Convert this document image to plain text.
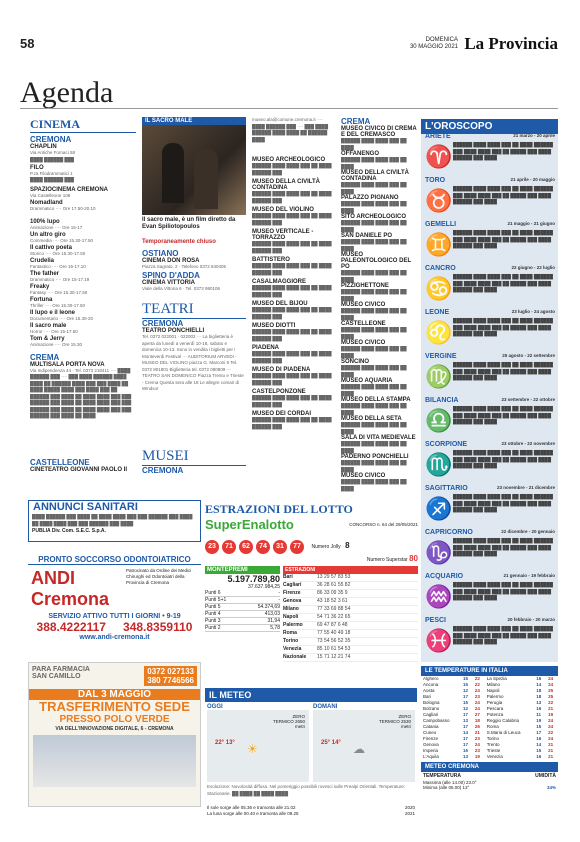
58	DOMENICA
30 MAGGIO 2021 La Provincia
Agenda
CINEMA
CREMONA
CHAPLIN
Via Antiche Fornaci 58
████ ██████ ███
FILO
P.za Filodrammatici 1
████ ██████ ███
SPAZIOCINEMA CREMONA
Via Castelleone 108
Nomadland
Drammatico ···· Ore 17.50-20.10
100% lupo
Animazione ···· Ore 15-17
Un altro giro
Commedia ···· Ore 15.30-17.50
Il cattivo poeta
Storico ···· Ore 15.30-17.50
Crudelia
Fantastico ···· Ore 15-17.10
The father
Drammatico ···· Ore 15-17.19
Freaky
Fantasy ···· Ore 15.30-17.50
Fortuna
Thriller ···· Ore 15.30-17.50
Il lupo e il leone
Documentario ···· Ore 15.30-20
Il sacro male
Horror ···· Ore 15-17.50
Tom & Jerry
Animazione ···· Ore 15.30
CREMA
MULTISALA PORTA NOVA
Via Indipendenza 44 · Tel. 0373 218411 ···· ████ ██████ ███ ···· ███ ████ ██████ ████ ████ ██ ██████ ████ ███ ███ ████ ██ ████ █████ ████ ███ ████ ███ ██ ██████ ███ ████ ██ ████ ████ ███ ███ ██████ ███ ████ ██ ████ ████ ███ ███ ██████ ███ ████ ██ ████ ████ ███ ███ ██████ ███ ████ ██ ████
CASTELLEONE
CINETEATRO GIOVANNI PAOLO II
IL SACRO MALE
Il sacro male, è un film diretto da Evan Spiliotopoulos
Temporaneamente chiuso
OSTIANO
CINEMA DON ROSA
Piazza Sagrato, 2 · Telefono 0372 840405
SPINO D'ADDA
CINEMA VITTORIA
Viale della Vittoria 6 · Tel. 0373 980106
TEATRI
CREMONA
TEATRO PONCHIELLI
Tel. 0372 022001 · 022002 ··· La biglietteria è aperta da lunedì a venerdì 10-18, sabato e domenica 10-13. Sono in vendita i biglietti per i Monteverdi Festival ··· AUDITORIUM ARVEDI - MUSEO DEL VIOLINO piazza G. Marconi 5 Tel. 0372 801801 Biglietteria tel. 0372 080809 ··· TEATRO SAN DOMENICO Piazza Trento e Trieste - Crema Questa sera alle 18 Le allegre comari di Windsor
MUSEI
CREMONA
museo.ala@comune.cremona.it ···· ████ ██████ ███ ···· ███ ████ ██████ ████ ████ ██ ██████ ████
MUSEO ARCHEOLOGICO
██████ ████ ████ ███ ██ ████ ██████ ███
MUSEO DELLA CIVILTÀ CONTADINA
██████ ████ ████ ███ ██ ████ ██████ ███
MUSEO DEL VIOLINO
██████ ████ ████ ███ ██ ████ ██████ ███
MUSEO VERTICALE - TORRAZZO
██████ ████ ████ ███ ██ ████ ██████ ███
BATTISTERO
██████ ████ ████ ███ ██ ████ ██████ ███
CASALMAGGIORE
██████ ████ ████ ███ ██ ████ ██████ ███
MUSEO DEL BIJOU
██████ ████ ████ ███ ██ ████ ██████ ███
MUSEO DIOTTI
██████ ████ ████ ███ ██ ████ ██████ ███
PIADENA
██████ ████ ████ ███ ██ ████ ██████ ███
MUSEO DI PIADENA
██████ ████ ████ ███ ██ ████ ██████ ███
CASTELPONZONE
██████ ████ ████ ███ ██ ████ ██████ ███
MUSEO DEI CORDAI
██████ ████ ████ ███ ██ ████ ██████ ███
CREMA
MUSEO CIVICO DI CREMA E DEL CREMASCO
██████ ████ ████ ███ ██ ████
OFFANENGO
██████ ████ ████ ███ ██ ████
MUSEO DELLA CIVILTÀ CONTADINA
██████ ████ ████ ███ ██ ████
PALAZZO PIGNANO
██████ ████ ████ ███ ██ ████
SITO ARCHEOLOGICO
██████ ████ ████ ███ ██ ████
SAN DANIELE PO
██████ ████ ████ ███ ██ ████
MUSEO PALEONTOLOGICO DEL PO
██████ ████ ████ ███ ██ ████
PIZZIGHETTONE
██████ ████ ████ ███ ██ ████
MUSEO CIVICO
██████ ████ ████ ███ ██ ████
CASTELLEONE
██████ ████ ████ ███ ██ ████
MUSEO CIVICO
██████ ████ ████ ███ ██ ████
SONCINO
██████ ████ ████ ███ ██ ████
MUSEO AQUARIA
██████ ████ ████ ███ ██ ████
MUSEO DELLA STAMPA
██████ ████ ████ ███ ██ ████
MUSEO DELLA SETA
██████ ████ ████ ███ ██ ████
SALA DI VITA MEDIEVALE
██████ ████ ████ ███ ██ ████
PADERNO PONCHIELLI
██████ ████ ████ ███ ██ ████
MUSEO CIVICO
██████ ████ ████ ███ ██ ████
L'OROSCOPO
ARIETE	21 marzo - 20 aprile
♈ ██████ ████ ████ ███ ██ ████ ██████ ███ ████ ████ ███ ██ █████ ███ ████ ██████ ███ ████
TORO	21 aprile - 20 maggio
♉ ██████ ████ ████ ███ ██ ████ ██████ ███ ████ ████ ███ ██ █████ ███ ████ ██████ ███ ████
GEMELLI	21 maggio - 21 giugno
♊ ██████ ████ ████ ███ ██ ████ ██████ ███ ████ ████ ███ ██ █████ ███ ████ ██████ ███ ████
CANCRO	22 giugno - 22 luglio
♋ ██████ ████ ████ ███ ██ ████ ██████ ███ ████ ████ ███ ██ █████ ███ ████ ██████ ███ ████
LEONE	23 luglio - 24 agosto
♌ ██████ ████ ████ ███ ██ ████ ██████ ███ ████ ████ ███ ██ █████ ███ ████ ██████ ███ ████
VERGINE	25 agosto - 22 settembre
♍ ██████ ████ ████ ███ ██ ████ ██████ ███ ████ ████ ███ ██ █████ ███ ████ ██████ ███ ████
BILANCIA	23 settembre - 22 ottobre
♎ ██████ ████ ████ ███ ██ ████ ██████ ███ ████ ████ ███ ██ █████ ███ ████ ██████ ███ ████
SCORPIONE	23 ottobre - 22 novembre
♏ ██████ ████ ████ ███ ██ ████ ██████ ███ ████ ████ ███ ██ █████ ███ ████ ██████ ███ ████
SAGITTARIO	23 novembre - 21 dicembre
♐ ██████ ████ ████ ███ ██ ████ ██████ ███ ████ ████ ███ ██ █████ ███ ████ ██████ ███ ████
CAPRICORNO	22 dicembre - 20 gennaio
♑ ██████ ████ ████ ███ ██ ████ ██████ ███ ████ ████ ███ ██ █████ ███ ████ ██████ ███ ████
ACQUARIO	21 gennaio - 19 febbraio
♒ ██████ ████ ████ ███ ██ ████ ██████ ███ ████ ████ ███ ██ █████ ███ ████ ██████ ███ ████
PESCI	20 febbraio - 20 marzo
♓ ██████ ████ ████ ███ ██ ████ ██████ ███ ████ ████ ███ ██ █████ ███ ████ ██████ ███ ████
ANNUNCI SANITARI
████ ██████ ███ ████ ██ ████ ████ ███ ███ ██████ ███ ████ ██ ████ ████ ███ ███ ██████ ███ ████
PUBLIA Div. Com. S.E.C. S.p.A.
PRONTO SOCCORSO ODONTOIATRICO
ANDI Cremona
Patrocinato da Ordine dei Medici Chirurghi ed Odontoiatri della Provincia di Cremona
SERVIZIO ATTIVO TUTTI I GIORNI • 9-19
388.4222117 348.8359110
www.andi-cremona.it
PARA FARMACIA SAN CAMILLO
0372 027133
380 7746566
DAL 3 MAGGIO
TRASFERIMENTO SEDE
PRESSO POLO VERDE
VIA DELL'INNOVAZIONE DIGITALE, 6 - CREMONA
ESTRAZIONI DEL LOTTO
SuperEnalotto	CONCORSO n. 64 del 29/05/2021
23 71 62 74 31 77 Numero Jolly 8
Numero Superstar 80
MONTEPREMI
5.197.789,80
37.637.984,25
Punti 6	-
Punti 5+1	-
Punti 5	54.374,69
Punti 4	413,03
Punti 3	31,94
Punti 2	5,78
ESTRAZIONI
Bari	13 29 57 83 53
Cagliari	36 28 61 55 82
Firenze	86 33 09 35 9
Genova	43 18 52 3 61
Milano	77 33 69 88 54
Napoli	54 71 36 22 65
Palermo	69 47 87 6 48
Roma	77 55 40 49 18
Torino	73 54 56 52 35
Venezia	85 10 61 54 53
Nazionale	15 71 12 21 74
IL METEO
OGGI
ZERO TERMICO 2650 metri
22° 13° ☀
DOMANI
ZERO TERMICO 2530 metri
25° 14° ☁
Evoluzione: Nuvolosità diffusa. Nel pomeriggio possibili rovesci sulle Prealpi Orientali. Temperature: Stazionarie. ██ ████ ██ ████ ████
Il sole sorge alle 05.36 e tramonta alle 21.02	2020
La luna sorge alle 00.40 e tramonta alle 09.25	2021
LE TEMPERATURE IN ITALIA
Alghero	15	22	La Spezia	16	24
Ancona	15	22	Milano	14	24
Aosta	12	24	Napoli	18	25
Bari	17	23	Palermo	18	25
Bologna	15	24	Perugia	13	22
Bolzano	12	24	Pescara	16	21
Cagliari	17	27	Potenza	11	19
Campobasso	13	18	Reggio Calabria	19	24
Catania	17	26	Roma	15	24
Cuneo	14	21	S.Maria di Leuca	17	22
Firenze	17	23	Torino	16	24
Genova	17	24	Trento	14	21
Imperia	16	23	Trieste	15	21
L'Aquila	13	19	Venezia	16	21
METEO CREMONA
TEMPERATURA	UMIDITÀ
Massima (alle 14.00) 23.0°
Minima (alle 06.00) 13°	34%
